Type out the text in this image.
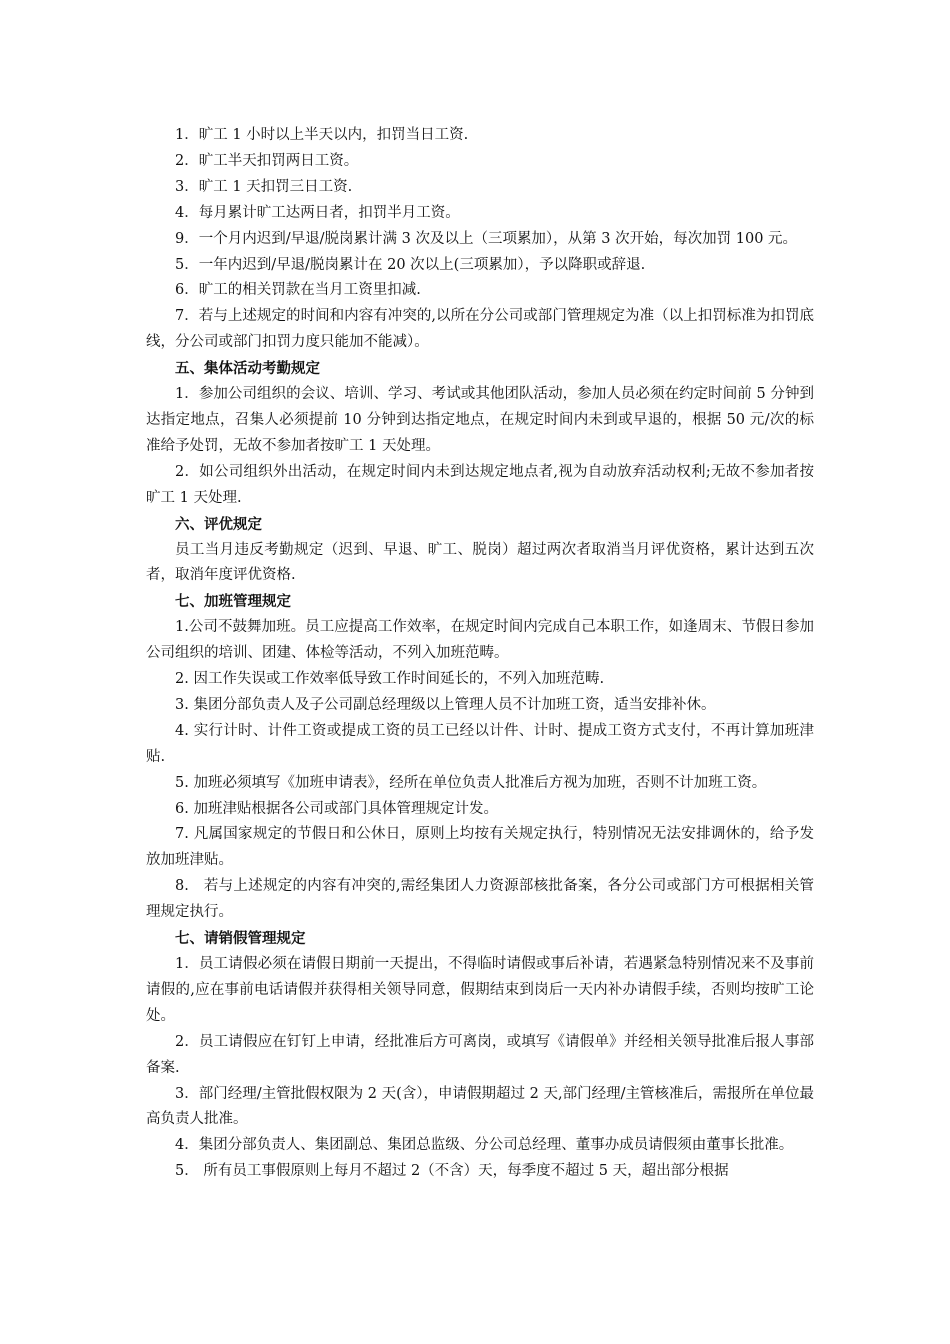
1．旷工 1 小时以上半天以内，扣罚当日工资.

2．旷工半天扣罚两日工资。

3．旷工 1 天扣罚三日工资.

4．每月累计旷工达两日者，扣罚半月工资。

9．一个月内迟到/早退/脱岗累计满 3 次及以上（三项累加），从第 3 次开始，每次加罚 100 元。

5．一年内迟到/早退/脱岗累计在 20 次以上(三项累加），予以降职或辞退.

6．旷工的相关罚款在当月工资里扣减.

7．若与上述规定的时间和内容有冲突的,以所在分公司或部门管理规定为准（以上扣罚标准为扣罚底线，分公司或部门扣罚力度只能加不能减）。

五、集体活动考勤规定

1．参加公司组织的会议、培训、学习、考试或其他团队活动，参加人员必须在约定时间前 5 分钟到达指定地点，召集人必须提前 10 分钟到达指定地点，在规定时间内未到或早退的，根据 50 元/次的标准给予处罚，无故不参加者按旷工 1 天处理。

2．如公司组织外出活动，在规定时间内未到达规定地点者,视为自动放弃活动权利;无故不参加者按旷工 1 天处理.

六、评优规定

员工当月违反考勤规定（迟到、早退、旷工、脱岗）超过两次者取消当月评优资格，累计达到五次者，取消年度评优资格.

七、加班管理规定

1.公司不鼓舞加班。员工应提高工作效率，在规定时间内完成自己本职工作，如逢周末、节假日参加公司组织的培训、团建、体检等活动，不列入加班范畴。

2. 因工作失误或工作效率低导致工作时间延长的，不列入加班范畴.

3. 集团分部负责人及子公司副总经理级以上管理人员不计加班工资，适当安排补休。

4. 实行计时、计件工资或提成工资的员工已经以计件、计时、提成工资方式支付，不再计算加班津贴.

5. 加班必须填写《加班申请表》，经所在单位负责人批准后方视为加班，否则不计加班工资。

6. 加班津贴根据各公司或部门具体管理规定计发。

7. 凡属国家规定的节假日和公休日，原则上均按有关规定执行，特别情况无法安排调休的，给予发放加班津贴。

8.　若与上述规定的内容有冲突的,需经集团人力资源部核批备案，各分公司或部门方可根据相关管理规定执行。

七、请销假管理规定

1．员工请假必须在请假日期前一天提出，不得临时请假或事后补请，若遇紧急特别情况来不及事前请假的,应在事前电话请假并获得相关领导同意，假期结束到岗后一天内补办请假手续，否则均按旷工论处。

2．员工请假应在钉钉上申请，经批准后方可离岗，或填写《请假单》并经相关领导批准后报人事部备案.

3．部门经理/主管批假权限为 2 天(含），申请假期超过 2 天,部门经理/主管核准后，需报所在单位最高负责人批准。

4．集团分部负责人、集团副总、集团总监级、分公司总经理、董事办成员请假须由董事长批准。

5． 所有员工事假原则上每月不超过 2（不含）天，每季度不超过 5 天，超出部分根据
